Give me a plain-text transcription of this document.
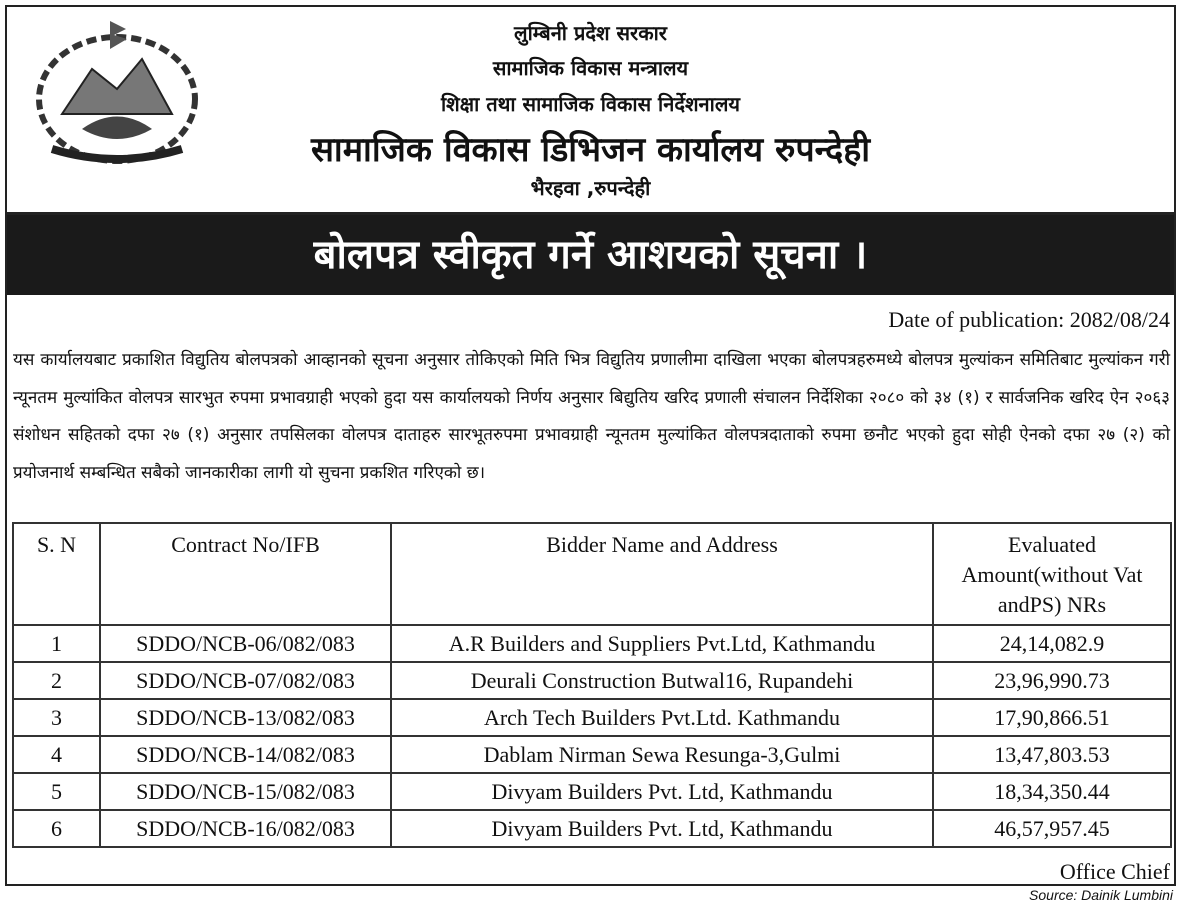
लुम्बिनी प्रदेश सरकार
सामाजिक विकास मन्त्रालय
शिक्षा तथा सामाजिक विकास निर्देशनालय
सामाजिक विकास डिभिजन कार्यालय रुपन्देही
भैरहवा ,रुपन्देही
बोलपत्र स्वीकृत गर्ने आशयको सूचना ।
Date of publication: 2082/08/24
यस कार्यालयबाट प्रकाशित विद्युतिय बोलपत्रको आव्हानको सूचना अनुसार तोकिएको मिति भित्र विद्युतिय प्रणालीमा दाखिला भएका बोलपत्रहरुमध्ये बोलपत्र मुल्यांकन समितिबाट मुल्यांकन गरी न्यूनतम मुल्यांकित वोलपत्र सारभुत रुपमा प्रभावग्राही भएको हुदा यस कार्यालयको निर्णय अनुसार बिद्युतिय खरिद प्रणाली संचालन निर्देशिका २०८० को ३४ (१) र सार्वजनिक खरिद ऐन २०६३ संशोधन सहितको दफा २७ (१) अनुसार तपसिलका वोलपत्र दाताहरु सारभूतरुपमा प्रभावग्राही न्यूनतम मुल्यांकित वोलपत्रदाताको रुपमा छनौट भएको हुदा सोही ऐनको दफा २७ (२) को प्रयोजनार्थ सम्बन्धित सबैको जानकारीका लागी यो सुचना प्रकशित गरिएको छ।
S. N	Contract No/IFB	Bidder Name and Address	Evaluated Amount(without Vat andPS) NRs
1	SDDO/NCB-06/082/083	A.R Builders and Suppliers Pvt.Ltd, Kathmandu	24,14,082.9
2	SDDO/NCB-07/082/083	Deurali Construction Butwal16, Rupandehi	23,96,990.73
3	SDDO/NCB-13/082/083	Arch Tech Builders Pvt.Ltd. Kathmandu	17,90,866.51
4	SDDO/NCB-14/082/083	Dablam Nirman Sewa Resunga-3,Gulmi	13,47,803.53
5	SDDO/NCB-15/082/083	Divyam Builders Pvt. Ltd, Kathmandu	18,34,350.44
6	SDDO/NCB-16/082/083	Divyam Builders Pvt. Ltd, Kathmandu	46,57,957.45
Office Chief
Source: Dainik Lumbini
